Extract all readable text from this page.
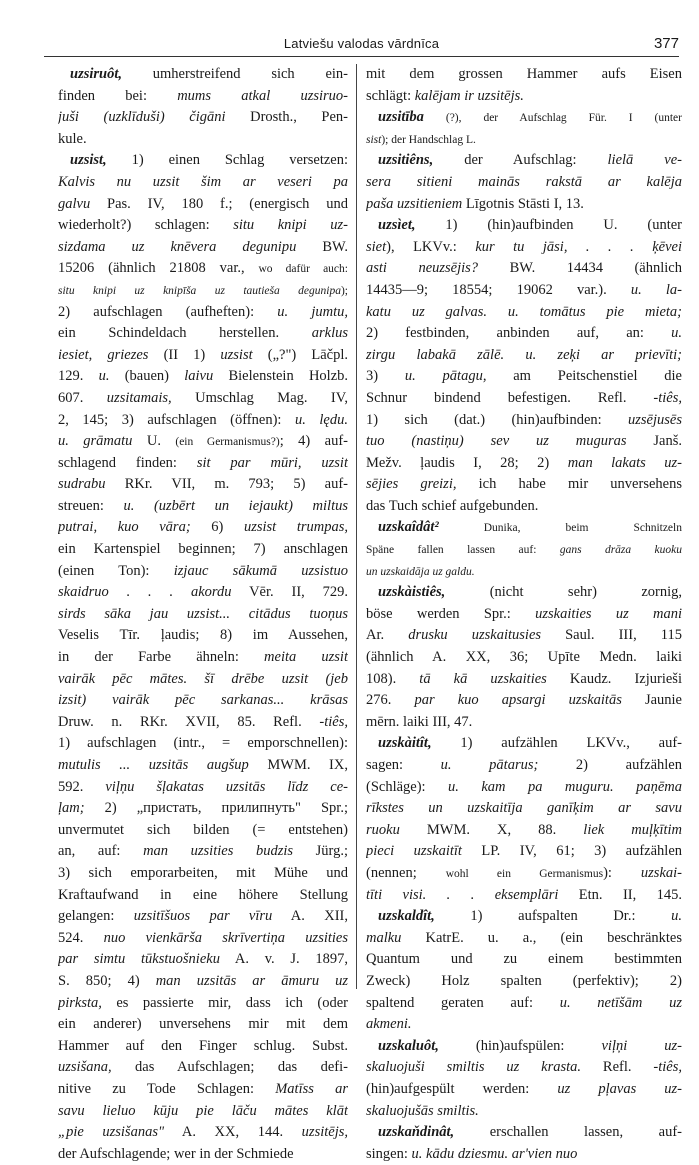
Latviešu valodas vārdnīca	377
uzsiruôt, umherstreifend sich ein-
finden bei: mums atkal uzsiruo-
juši (uzklīduši) čigāni Drosth., Pen-
kule.
uzsist, 1) einen Schlag versetzen:
Kalvis nu uzsit šim ar veseri pa
galvu Pas. IV, 180 f.; (energisch und
wiederholt?) schlagen: situ knipi uz-
sizdama uz knēvera degunipu BW.
15206 (ähnlich 21808 var., wo dafür auch:
situ knipi uz knipīša uz tautieša degunipa);
2) aufschlagen (aufheften): u. jumtu,
ein Schindeldach herstellen. arklus
iesiet, griezes (II 1) uzsist („?") Lāčpl.
129. u. (bauen) laivu Bielenstein Holzb.
607. uzsitamais, Umschlag Mag. IV,
2, 145; 3) aufschlagen (öffnen): u. lędu.
u. grāmatu U. (ein Germanismus?); 4) auf-
schlagend finden: sit par mūri, uzsit
sudrabu RKr. VII, m. 793; 5) auf-
streuen: u. (uzbērt un iejaukt) miltus
putrai, kuo vāra; 6) uzsist trumpas,
ein Kartenspiel beginnen; 7) anschlagen
(einen Ton): izjauc sākumā uzsistuo
skaidruo . . . akordu Vēr. II, 729.
sirds sāka jau uzsist... citādus tuoņus
Veselis Tīr. ļaudis; 8) im Aussehen,
in der Farbe ähneln: meita uzsit
vairāk pēc mātes. šī drēbe uzsit (jeb
izsit) vairāk pēc sarkanas... krāsas
Druw. n. RKr. XVII, 85. Refl. -tiês,
1) aufschlagen (intr., = emporschnellen):
mutulis ... uzsitās augšup MWM. IX,
592. viļņu šļakatas uzsitās līdz ce-
ļam; 2) „пристать, прилипнуть" Spr.;
unvermutet sich bilden (= entstehen)
an, auf: man uzsities budzis Jürg.;
3) sich emporarbeiten, mit Mühe und
Kraftaufwand in eine höhere Stellung
gelangen: uzsitīšuos par vīru A. XII,
524. nuo vienkārša skrīvertiņa uzsities
par simtu tūkstuošnieku A. v. J. 1897,
S. 850; 4) man uzsitās ar āmuru uz
pirksta, es passierte mir, dass ich (oder
ein anderer) unversehens mir mit dem
Hammer auf den Finger schlug. Subst.
uzsišana, das Aufschlagen; das defi-
nitive zu Tode Schlagen: Matīss ar
savu lieluo kūju pie lāču mātes klāt
„pie uzsišanas" A. XX, 144. uzsitējs,
der Aufschlagende; wer in der Schmiede
mit dem grossen Hammer aufs Eisen
schlägt: kalējam ir uzsitējs.
uzsitība (?), der Aufschlag Für. I (unter
sist); der Handschlag L.
uzsitiêns, der Aufschlag: lielā ve-
sera sitieni mainās rakstā ar kalēja
paša uzsitieniem Līgotnis Stāsti I, 13.
uzsìet, 1) (hin)aufbinden U. (unter
siet), LKVv.: kur tu jāsi, . . . ķēvei
asti neuzsējis? BW. 14434 (ähnlich
14435—9; 18554; 19062 var.). u. la-
katu uz galvas. u. tomātus pie mieta;
2) festbinden, anbinden auf, an: u.
zirgu labakā zālē. u. zeķi ar prievīti;
3) u. pātagu, am Peitschenstiel die
Schnur bindend befestigen. Refl. -tiês,
1) sich (dat.) (hin)aufbinden: uzsējusēs
tuo (nastiņu) sev uz muguras Janš.
Mežv. ļaudis I, 28; 2) man lakats uz-
sējies greizi, ich habe mir unversehens
das Tuch schief aufgebunden.
uzskaîdât² Dunika, beim Schnitzeln
Späne fallen lassen auf: gans drāza kuoku
un uzskaidāja uz galdu.
uzskàistiês, (nicht sehr) zornig,
böse werden Spr.: uzskaities uz mani
Ar. drusku uzskaitusies Saul. III, 115
(ähnlich A. XX, 36; Upīte Medn. laiki
108). tā kā uzskaities Kaudz. Izjurieši
276. par kuo apsargi uzskaitās Jaunie
mērn. laiki III, 47.
uzskàitît, 1) aufzählen LKVv., auf-
sagen: u. pātarus; 2) aufzählen
(Schläge): u. kam pa muguru. paņēma
rīkstes un uzskaitīja ganīķim ar savu
ruoku MWM. X, 88. liek muļķītim
pieci uzskaitīt LP. IV, 61; 3) aufzählen
(nennen; wohl ein Germanismus): uzskai-
tīti visi. . . eksemplāri Etn. II, 145.
uzskaldît, 1) aufspalten Dr.: u.
malku KatrE. u. a., (ein beschränktes
Quantum und zu einem bestimmten
Zweck) Holz spalten (perfektiv); 2)
spaltend geraten auf: u. netīšām uz
akmeni.
uzskaluôt, (hin)aufspülen: viļņi uz-
skaluojuši smiltis uz krasta. Refl. -tiês,
(hin)aufgespült werden: uz pļavas uz-
skaluojušās smiltis.
uzskaňdinât, erschallen lassen, auf-
singen: u. kādu dziesmu. ar'vien nuo
